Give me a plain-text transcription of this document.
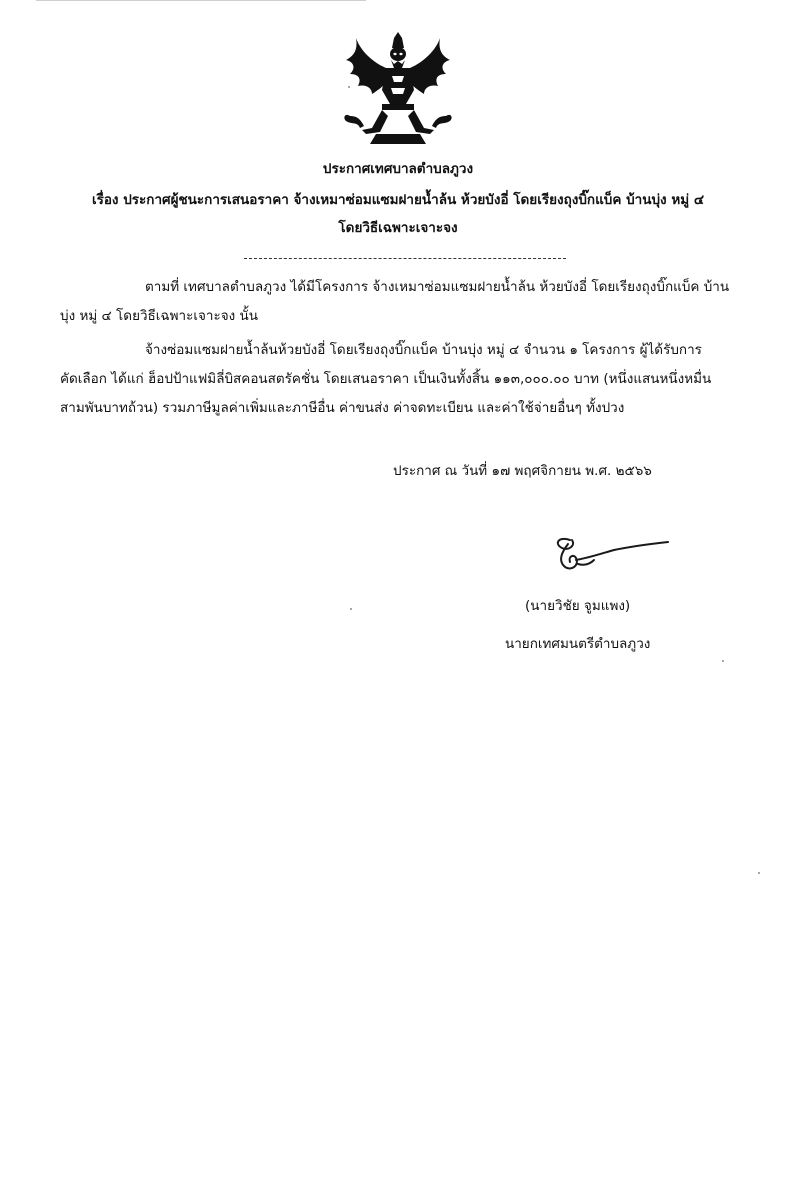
ประกาศเทศบาลตำบลภูวง
เรื่อง ประกาศผู้ชนะการเสนอราคา จ้างเหมาซ่อมแซมฝายน้ำล้น ห้วยบังอี่ โดยเรียงถุงบิ๊กแบ็ค บ้านบุ่ง หมู่ ๔
โดยวิธีเฉพาะเจาะจง
ตามที่ เทศบาลตำบลภูวง ได้มีโครงการ จ้างเหมาซ่อมแซมฝายน้ำล้น ห้วยบังอี่ โดยเรียงถุงบิ๊กแบ็ค บ้าน
บุ่ง หมู่ ๔ โดยวิธีเฉพาะเจาะจง นั้น
จ้างซ่อมแซมฝายน้ำล้นห้วยบังอี่ โดยเรียงถุงบิ๊กแบ็ค บ้านบุ่ง หมู่ ๔ จำนวน ๑ โครงการ ผู้ได้รับการ
คัดเลือก ได้แก่ ฮ็อปป้าแฟมิลี่บิสคอนสตรัคชั่น โดยเสนอราคา เป็นเงินทั้งสิ้น ๑๑๓,๐๐๐.๐๐ บาท (หนึ่งแสนหนึ่งหมื่น
สามพันบาทถ้วน) รวมภาษีมูลค่าเพิ่มและภาษีอื่น ค่าขนส่ง ค่าจดทะเบียน และค่าใช้จ่ายอื่นๆ ทั้งปวง
ประกาศ ณ วันที่ ๑๗ พฤศจิกายน พ.ศ. ๒๕๖๖
(นายวิชัย จูมแพง)
นายกเทศมนตรีตำบลภูวง
